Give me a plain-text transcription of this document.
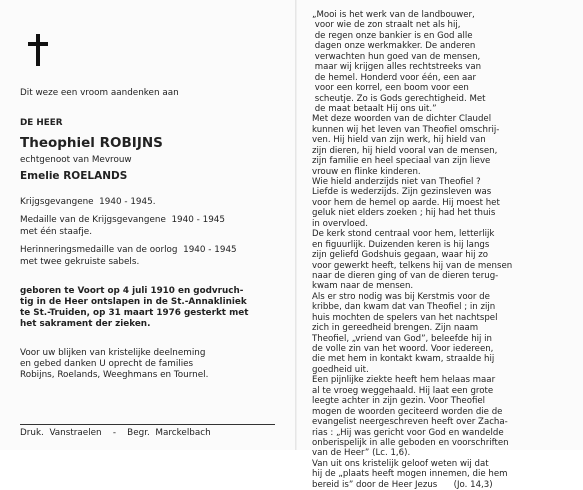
Dit weze een vroom aandenken aan
DE HEER
Theophiel ROBIJNS
echtgenoot van Mevrouw
Emelie ROELANDS
Krijgsgevangene  1940 - 1945.
Medaille van de Krijgsgevangene  1940 - 1945
met één staafje.
Herinneringsmedaille van de oorlog  1940 - 1945
met twee gekruiste sabels.
geboren te Voort op 4 juli 1910 en godvruch-
tig in de Heer ontslapen in de St.-Annakliniek
te St.-Truiden, op 31 maart 1976 gesterkt met
het sakrament der zieken.
Voor uw blijken van kristelijke deelneming
en gebed danken U oprecht de families
Robijns, Roelands, Weeghmans en Tournel.
Druk.  Vanstraelen    -    Begr.  Marckelbach
„Mooi is het werk van de landbouwer,
voor wie de zon straalt net als hij,
de regen onze bankier is en God alle
dagen onze werkmakker. De anderen
verwachten hun goed van de mensen,
maar wij krijgen alles rechtstreeks van
de hemel. Honderd voor één, een aar
voor een korrel, een boom voor een
scheutje. Zo is Gods gerechtigheid. Met
de maat betaalt Hij ons uit.”
Met deze woorden van de dichter Claudel
kunnen wij het leven van Theofiel omschrij-
ven. Hij hield van zijn werk, hij hield van
zijn dieren, hij hield vooral van de mensen,
zijn familie en heel speciaal van zijn lieve
vrouw en flinke kinderen.
Wie hield anderzijds niet van Theofiel ?
Liefde is wederzijds. Zijn gezinsleven was
voor hem de hemel op aarde. Hij moest het
geluk niet elders zoeken ; hij had het thuis
in overvloed.
De kerk stond centraal voor hem, letterlijk
en figuurlijk. Duizenden keren is hij langs
zijn geliefd Godshuis gegaan, waar hij zo
voor gewerkt heeft, telkens hij van de mensen
naar de dieren ging of van de dieren terug-
kwam naar de mensen.
Als er stro nodig was bij Kerstmis voor de
kribbe, dan kwam dat van Theofiel ; in zijn
huis mochten de spelers van het nachtspel
zich in gereedheid brengen. Zijn naam
Theofiel, „vriend van God”, beleefde hij in
de volle zin van het woord. Voor iedereen,
die met hem in kontakt kwam, straalde hij
goedheid uit.
Een pijnlijke ziekte heeft hem helaas maar
al te vroeg weggehaald. Hij laat een grote
leegte achter in zijn gezin. Voor Theofiel
mogen de woorden geciteerd worden die de
evangelist neergeschreven heeft over Zacha-
rias : „Hij was gericht voor God en wandelde
onberispelijk in alle geboden en voorschriften
van de Heer” (Lc. 1,6).
Van uit ons kristelijk geloof weten wij dat
hij de „plaats heeft mogen innemen, die hem
bereid is” door de Heer Jezus      (Jo. 14,3)
